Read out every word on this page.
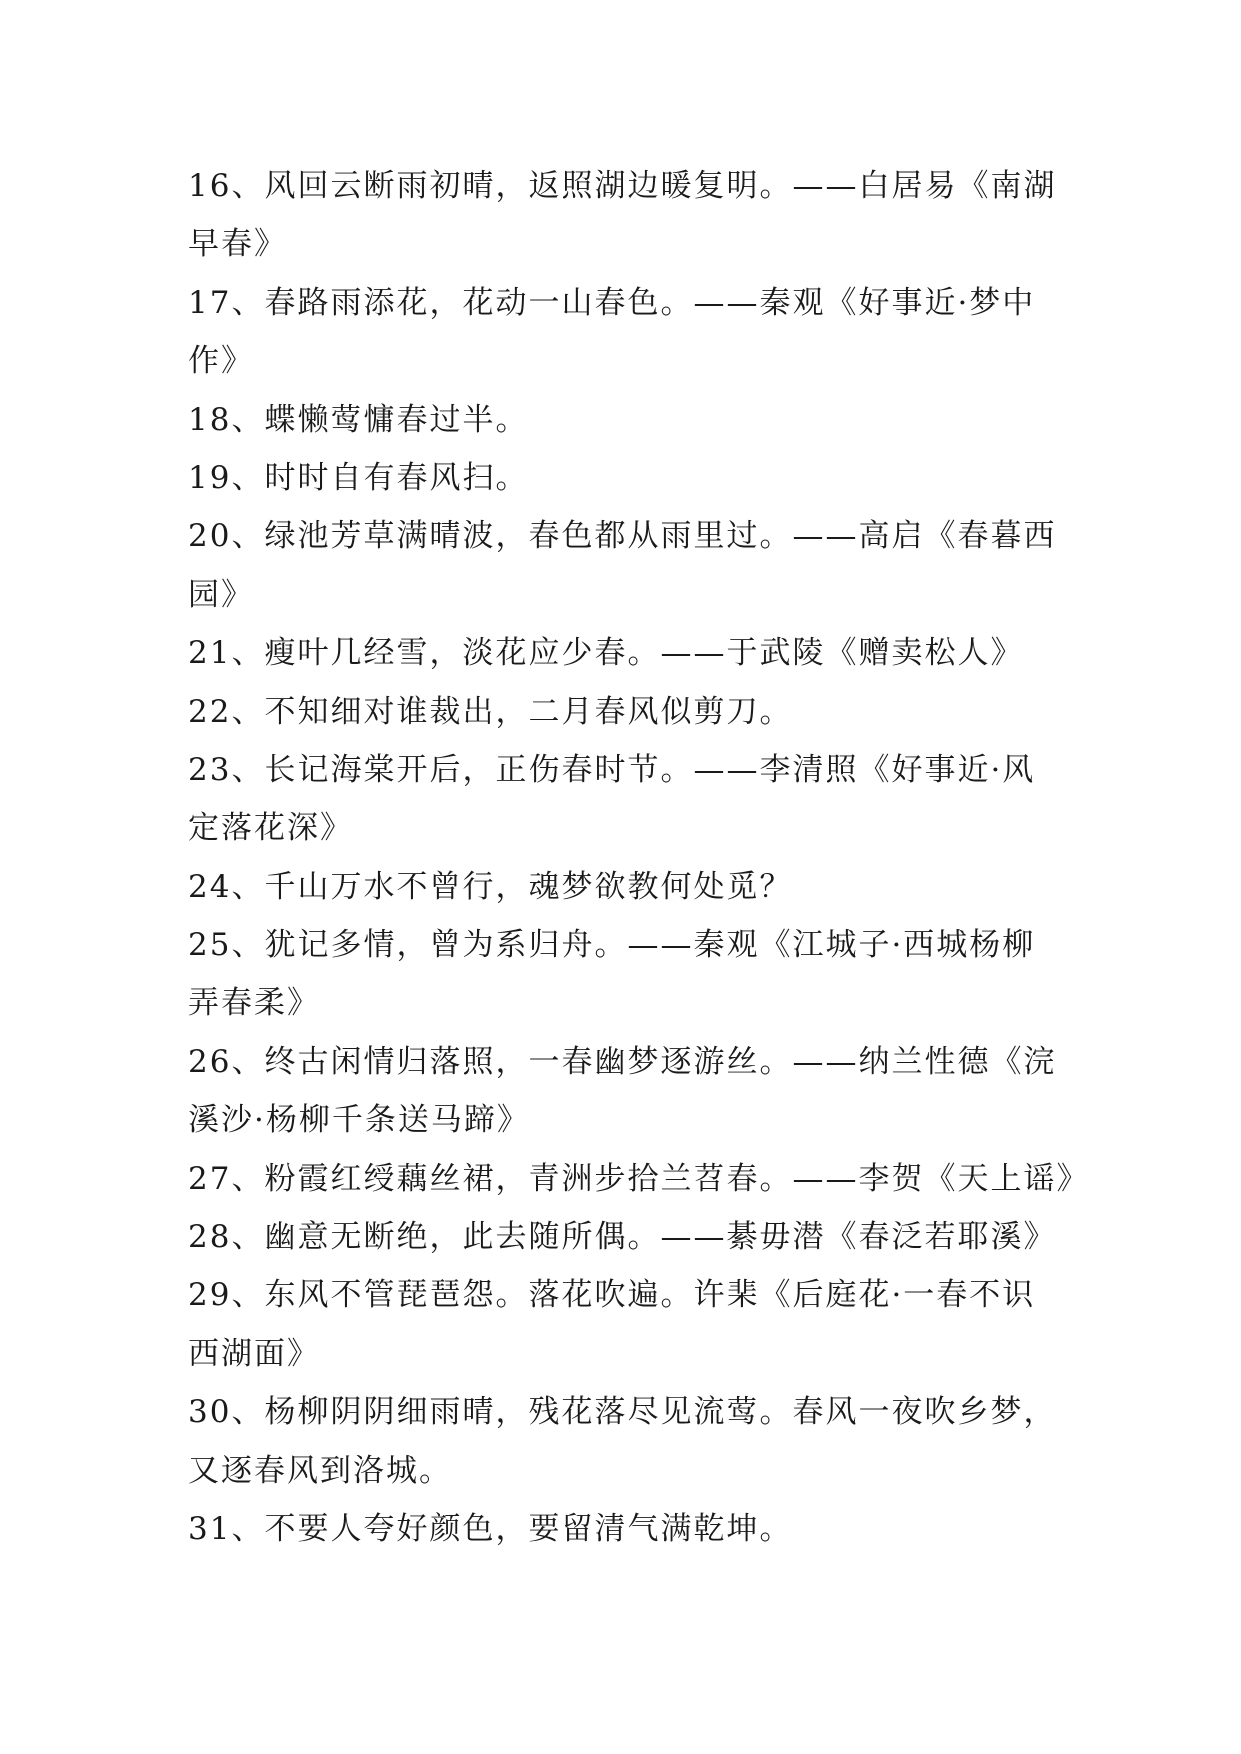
16、风回云断雨初晴，返照湖边暖复明。——白居易《南湖
早春》
17、春路雨添花，花动一山春色。——秦观《好事近·梦中
作》
18、蝶懒莺慵春过半。
19、时时自有春风扫。
20、绿池芳草满晴波，春色都从雨里过。——高启《春暮西
园》
21、瘦叶几经雪，淡花应少春。——于武陵《赠卖松人》
22、不知细对谁裁出，二月春风似剪刀。
23、长记海棠开后，正伤春时节。——李清照《好事近·风
定落花深》
24、千山万水不曾行，魂梦欲教何处觅？
25、犹记多情，曾为系归舟。——秦观《江城子·西城杨柳
弄春柔》
26、终古闲情归落照，一春幽梦逐游丝。——纳兰性德《浣
溪沙·杨柳千条送马蹄》
27、粉霞红绶藕丝裙，青洲步拾兰苕春。——李贺《天上谣》
28、幽意无断绝，此去随所偶。——綦毋潜《春泛若耶溪》
29、东风不管琵琶怨。落花吹遍。许棐《后庭花·一春不识
西湖面》
30、杨柳阴阴细雨晴，残花落尽见流莺。春风一夜吹乡梦，
又逐春风到洛城。
31、不要人夸好颜色，要留清气满乾坤。
